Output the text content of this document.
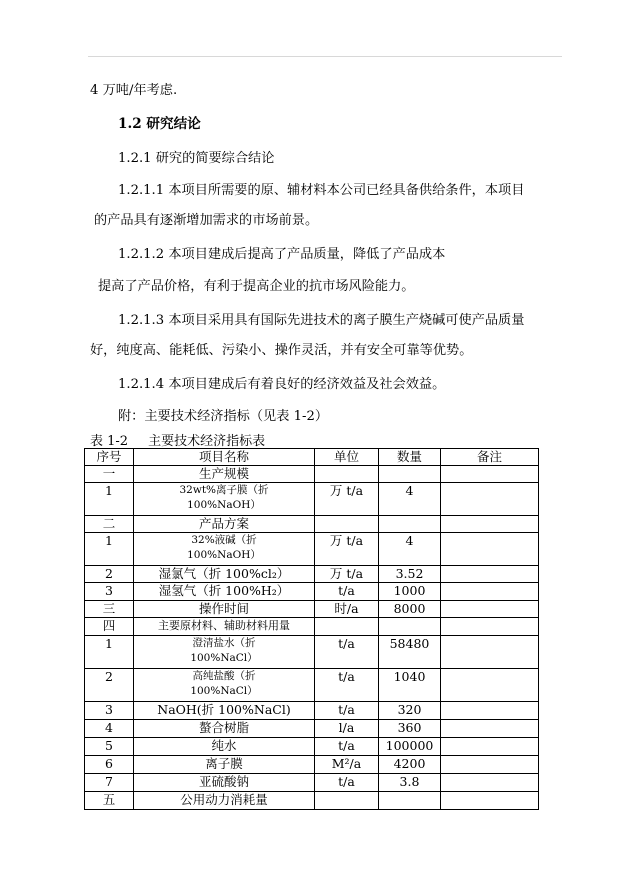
4 万吨/年考虑.
1.2 研究结论
1.2.1 研究的简要综合结论
1.2.1.1 本项目所需要的原、辅材料本公司已经具备供给条件，本项目
的产品具有逐渐增加需求的市场前景。
1.2.1.2 本项目建成后提高了产品质量，降低了产品成本
提高了产品价格，有利于提高企业的抗市场风险能力。
1.2.1.3 本项目采用具有国际先进技术的离子膜生产烧碱可使产品质量
好，纯度高、能耗低、污染小、操作灵活，并有安全可靠等优势。
1.2.1.4 本项目建成后有着良好的经济效益及社会效益。
附：主要技术经济指标（见表 1-2）
表 1-2 主要技术经济指标表
序号	项目名称	单位	数量	备注
一	生产规模			
1	32wt%离子膜（折
100%NaOH）	万 t/a	4	
二	产品方案			
1	32%液碱（折
100%NaOH）	万 t/a	4	
2	湿氯气（折 100%cl₂）	万 t/a	3.52	
3	湿氢气（折 100%H₂）	t/a	1000	
三	操作时间	时/a	8000	
四	主要原材料、辅助材料用量			
1	澄清盐水（折
100%NaCl）	t/a	58480	
2	高纯盐酸（折
100%NaCl）	t/a	1040	
3	NaOH(折 100%NaCl)	t/a	320	
4	螯合树脂	l/a	360	
5	纯水	t/a	100000	
6	离子膜	M²/a	4200	
7	亚硫酸钠	t/a	3.8	
五	公用动力消耗量			
